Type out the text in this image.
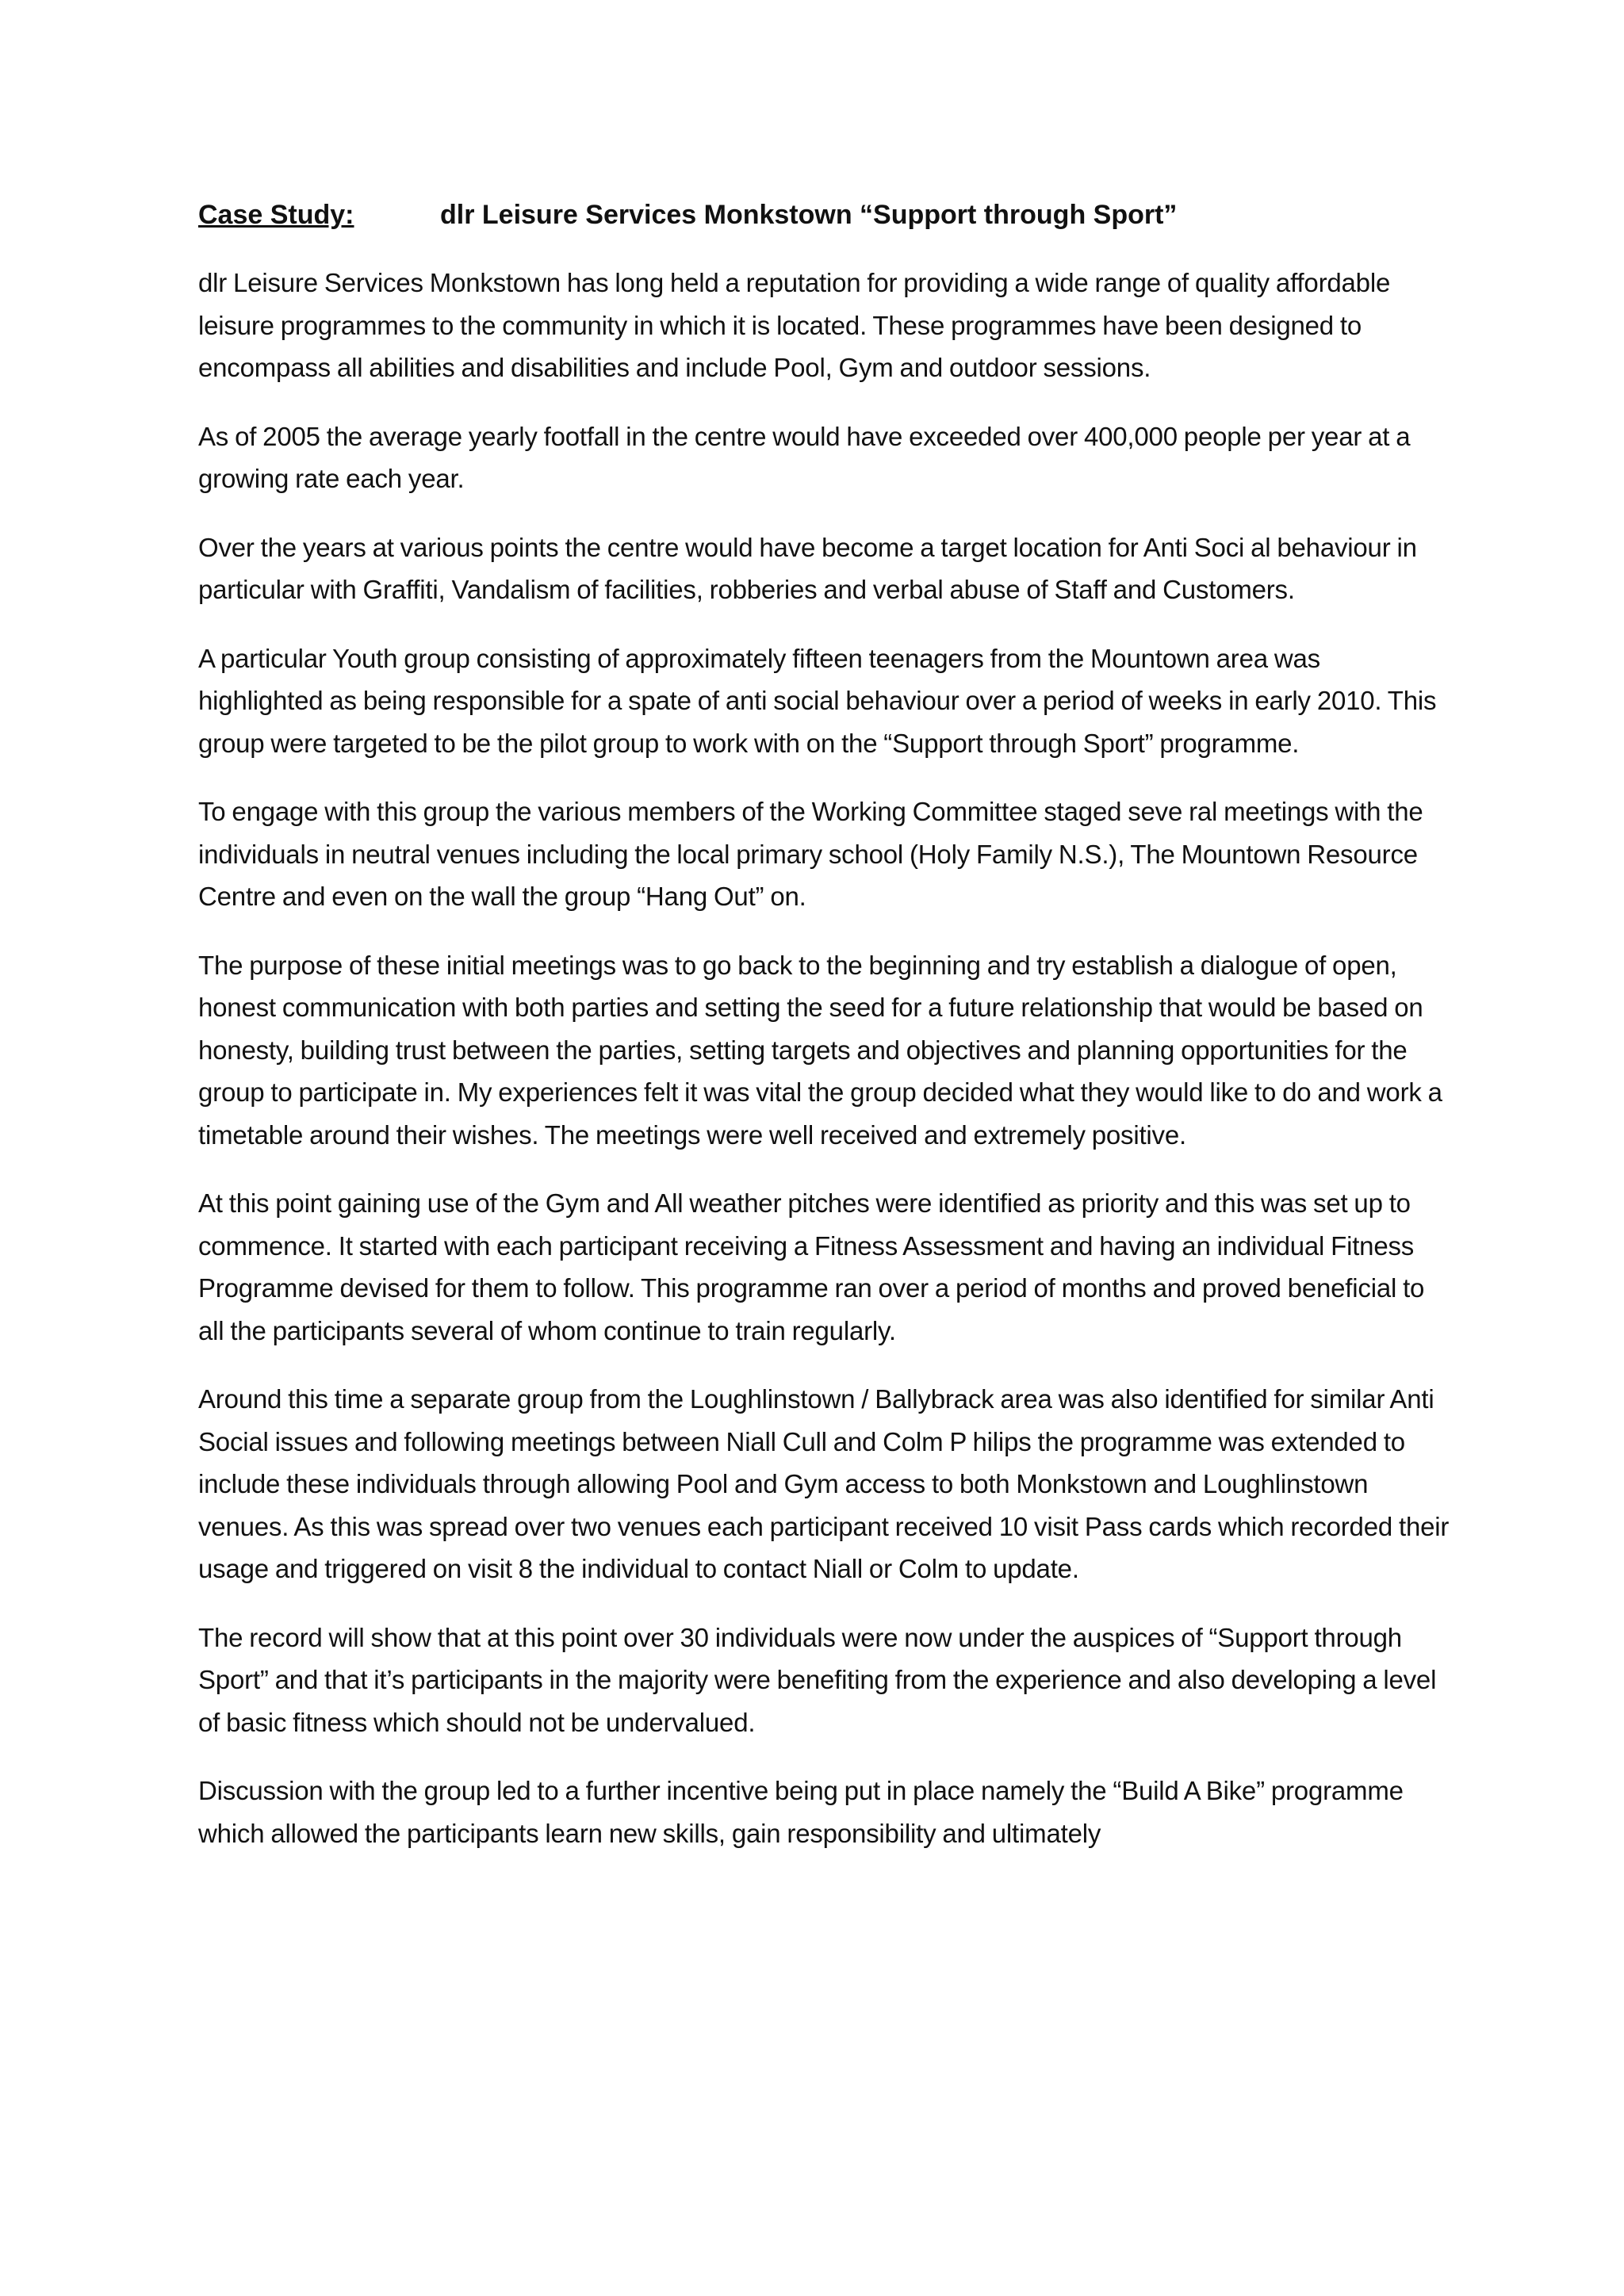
Case Study:	dlr Leisure Services Monkstown “Support through Sport”

dlr Leisure Services Monkstown has long held a reputation for providing a wide range of quality affordable leisure programmes to the community in which it is located. These programmes have been designed to encompass all abilities and disabilities and include Pool, Gym and outdoor sessions.

As of 2005 the average yearly footfall in the centre would have exceeded over 400,000 people per year at a growing rate each year.

Over the years at various points the centre would have become a target location for Anti Soci al behaviour in particular with Graffiti, Vandalism of facilities, robberies and verbal abuse of Staff and Customers.

A particular Youth group consisting of approximately fifteen teenagers from the Mountown area was highlighted as being responsible for a spate of anti social behaviour over a period of weeks in early 2010. This group were targeted to be the pilot group to work with on the “Support through Sport” programme.

To engage with this group the various members of the Working Committee staged seve ral meetings with the individuals in neutral venues including the local primary school (Holy Family N.S.), The Mountown Resource Centre and even on the wall the group “Hang Out” on.

The purpose of these initial meetings was to go back to the beginning and try establish a dialogue of open, honest communication with both parties and setting the seed for a future relationship that would be based on honesty, building trust between the parties, setting targets and objectives and planning opportunities for the group to participate in. My experiences felt it was vital the group decided what they would like to do and work a timetable around their wishes. The meetings were well received and extremely positive.

At this point gaining use of the Gym and All weather pitches were identified as priority and this was set up to commence. It started with each participant receiving a Fitness Assessment and having an individual Fitness Programme devised for them to follow. This programme ran over a period of months and proved beneficial to all the participants several of whom continue to train regularly.

Around this time a separate group from the Loughlinstown / Ballybrack area was also identified for similar Anti Social issues and following meetings between Niall Cull and Colm P hilips the programme was extended to include these individuals through allowing Pool and Gym access to both Monkstown and Loughlinstown venues. As this was spread over two venues each participant received 10 visit Pass cards which recorded their usage and triggered on visit 8 the individual to contact Niall or Colm to update.

The record will show that at this point over 30 individuals were now under the auspices of “Support through Sport” and that it’s participants in the majority were benefiting from the experience and also developing a level of basic fitness which should not be undervalued.

Discussion with the group led to a further incentive being put in place namely the “Build A Bike” programme which allowed the participants learn new skills, gain responsibility and ultimately
